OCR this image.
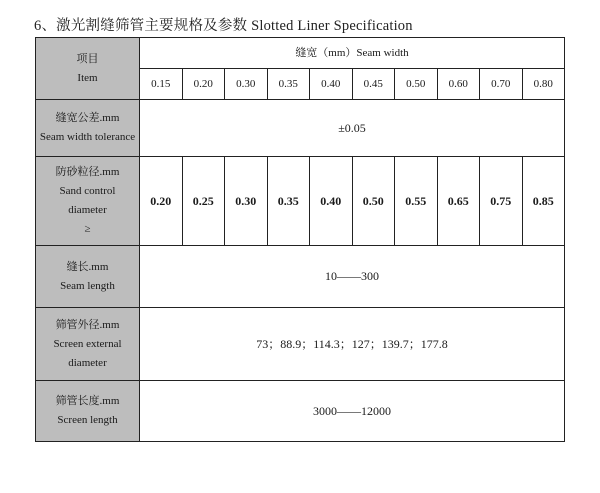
6、激光割缝筛管主要规格及参数 Slotted Liner Specification
项目
Item	缝宽（mm）Seam width									
	0.15	0.20	0.30	0.35	0.40	0.45	0.50	0.60	0.70	0.80

缝宽公差.mm
Seam width tolerance	±0.05									

防砂粒径.mm
Sand control
diameter
≥	0.20	0.25	0.30	0.35	0.40	0.50	0.55	0.65	0.75	0.85

缝长.mm
Seam length	10——300									

筛管外径.mm
Screen external
diameter	73；88.9；114.3；127；139.7；177.8									

筛管长度.mm
Screen length	3000——12000									
